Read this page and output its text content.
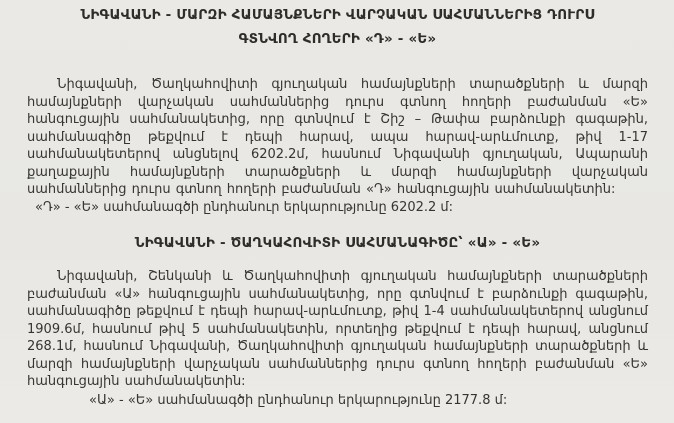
ՆԻԳԱՎԱՆԻ - ՄԱՐԶԻ ՀԱՄԱՅՆՔՆԵՐԻ ՎԱՐՉԱԿԱՆ ՍԱՀՄԱՆՆԵՐԻՑ ԴՈՒՐՍ
ԳՏՆՎՈՂ ՀՈՂԵՐԻ «Դ» - «Ե»

Նիգավանի, Ծաղկահովիտի գյուղական համայնքների տարածքների և մարզի համայնքների վարչական սահմաններից դուրս գտնող հողերի բաժանման «Ե» հանգուցային սահմանակետից, որը գտնվում է Շիշ – Թափա բարձունքի գագաթին, սահմանագիծը թեքվում է դեպի հարավ, ապա հարավ-արևմուտք, թիվ 1-17 սահմանակետերով անցնելով 6202.2մ, հասնում Նիգավանի գյուղական, Ապարանի քաղաքային համայնքների տարածքների և մարզի համայնքների վարչական սահմաններից դուրս գտնող հողերի բաժանման «Դ» հանգուցային սահմանակետին:

«Դ» - «Ե» սահմանագծի ընդհանուր երկարությունը 6202.2 մ:

ՆԻԳԱՎԱՆԻ - ԾԱՂԿԱՀՈՎԻՏԻ ՍԱՀՄԱՆԱԳԻԾԸ՝ «Ա» - «Ե»

Նիգավանի, Շենկանի և Ծաղկահովիտի գյուղական համայնքների տարածքների բաժանման «Ա» հանգուցային սահմանակետից, որը գտնվում է բարձունքի գագաթին, սահմանագիծը թեքվում է դեպի հարավ-արևմուտք, թիվ 1-4 սահմանակետերով անցնում 1909.6մ, հասնում թիվ 5 սահմանակետին, որտեղից թեքվում է դեպի հարավ, անցնում 268.1մ, հասնում Նիգավանի, Ծաղկահովիտի գյուղական համայնքների տարածքների և մարզի համայնքների վարչական սահմաններից դուրս գտնող հողերի բաժանման «Ե» հանգուցային սահմանակետին:

«Ա» - «Ե» սահմանագծի ընդհանուր երկարությունը 2177.8 մ:
